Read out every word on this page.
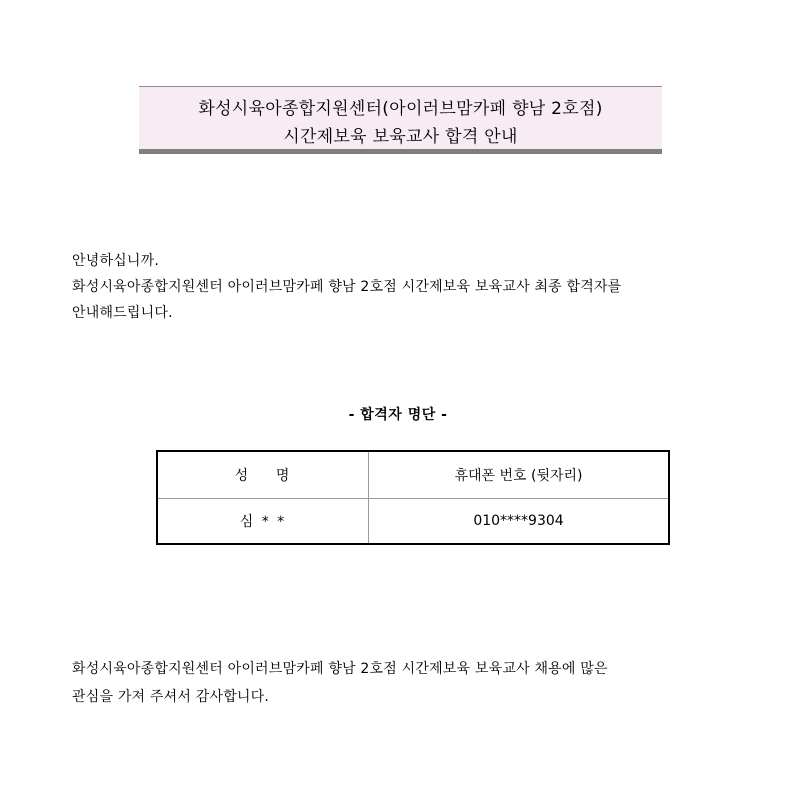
화성시육아종합지원센터(아이러브맘카페 향남 2호점)
시간제보육 보육교사 합격 안내
안녕하십니까.
화성시육아종합지원센터 아이러브맘카페 향남 2호점 시간제보육 보육교사 최종 합격자를
안내해드립니다.
- 합격자 명단 -
성    명	휴대폰 번호 (뒷자리)
심 * *	010****9304
화성시육아종합지원센터 아이러브맘카페 향남 2호점 시간제보육 보육교사 채용에 많은
관심을 가져 주셔서 감사합니다.
